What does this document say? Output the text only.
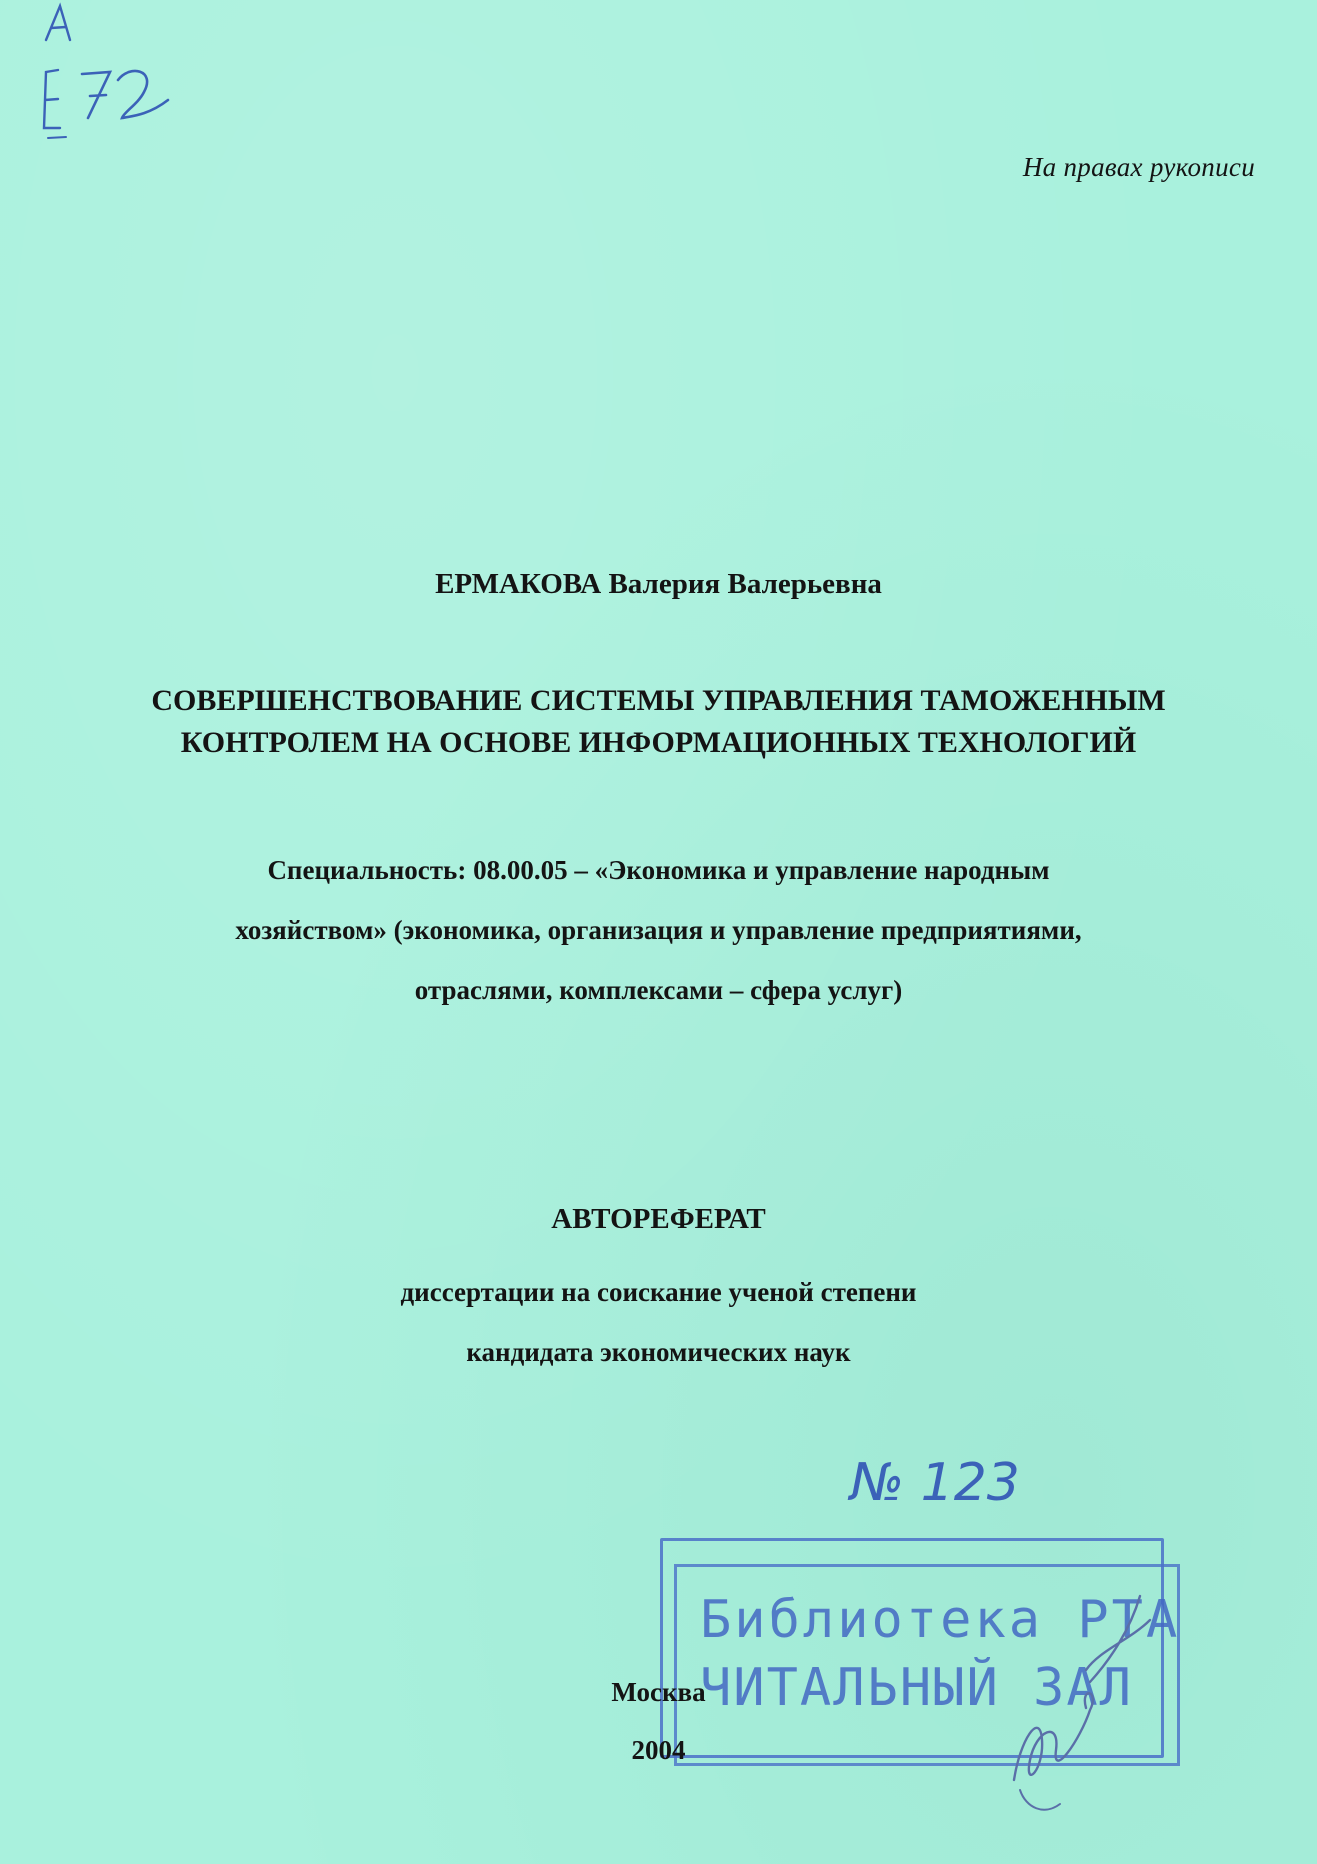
На правах рукописи
ЕРМАКОВА Валерия Валерьевна
СОВЕРШЕНСТВОВАНИЕ СИСТЕМЫ УПРАВЛЕНИЯ ТАМОЖЕННЫМ
КОНТРОЛЕМ НА ОСНОВЕ ИНФОРМАЦИОННЫХ ТЕХНОЛОГИЙ
Специальность: 08.00.05 – «Экономика и управление народным
хозяйством» (экономика, организация и управление предприятиями,
отраслями, комплексами – сфера услуг)
АВТОРЕФЕРАТ
диссертации на соискание ученой степени
кандидата экономических наук
№ 123
Библиотека РТА
ЧИТАЛЬНЫЙ ЗАЛ
Москва
2004
